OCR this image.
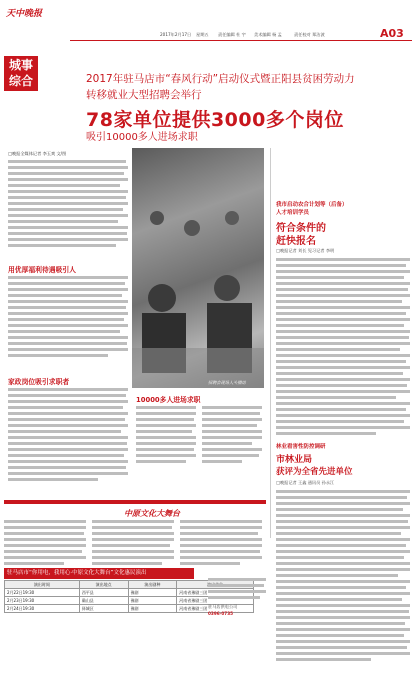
天中晚报
2017年2月17日 星期五 责任编辑 杜 宇 美术编辑 杨 孟	责任校对 郑洁波	A03
城事
综合	2017年驻马店市“春风行动”启动仪式暨正阳县贫困劳动力
转移就业大型招聘会举行
78家单位提供3000多个岗位
吸引10000多人进场求职
□晚报全媒体记者 李玉爽 文/图
用优厚福利待遇吸引人
家政岗位吸引求职者	招聘会现场人头攒动
10000多人进场求职
我市启动农合计划等（后备）
人才培训学员
符合条件的
赶快报名
□晚报记者 刘长 见习记者 李明
林业看害性防控调研
市林业局
获评为全省先进单位
□晚报记者 王鑫 通讯员 孙永江
中原文化大舞台
驻马店市“你用电，我用心·中原文化大舞台”文化惠民演出
演出时间	演出地点	演出剧种	
2月22日19:30	西平县	豫剧	河南省豫剧三团
2月23日19:30	确山县	豫剧	河南省豫剧三团
2月24日19:30	驿城区	豫剧	河南省豫剧三团 驻马店供电公司
0396-0735
